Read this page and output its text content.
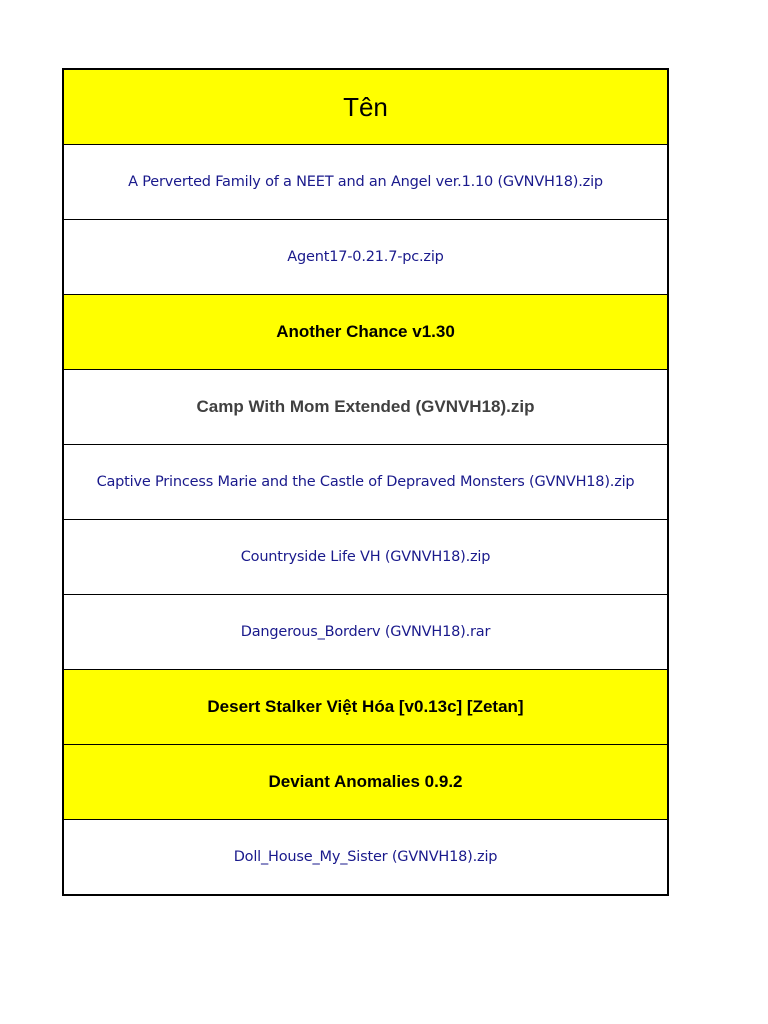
Tên
A Perverted Family of a NEET and an Angel ver.1.10 (GVNVH18).zip
Agent17-0.21.7-pc.zip
Another Chance v1.30
Camp With Mom Extended (GVNVH18).zip
Captive Princess Marie and the Castle of Depraved Monsters (GVNVH18).zip
Countryside Life VH (GVNVH18).zip
Dangerous_Borderv (GVNVH18).rar
Desert Stalker Việt Hóa [v0.13c] [Zetan]
Deviant Anomalies 0.9.2
Doll_House_My_Sister (GVNVH18).zip
